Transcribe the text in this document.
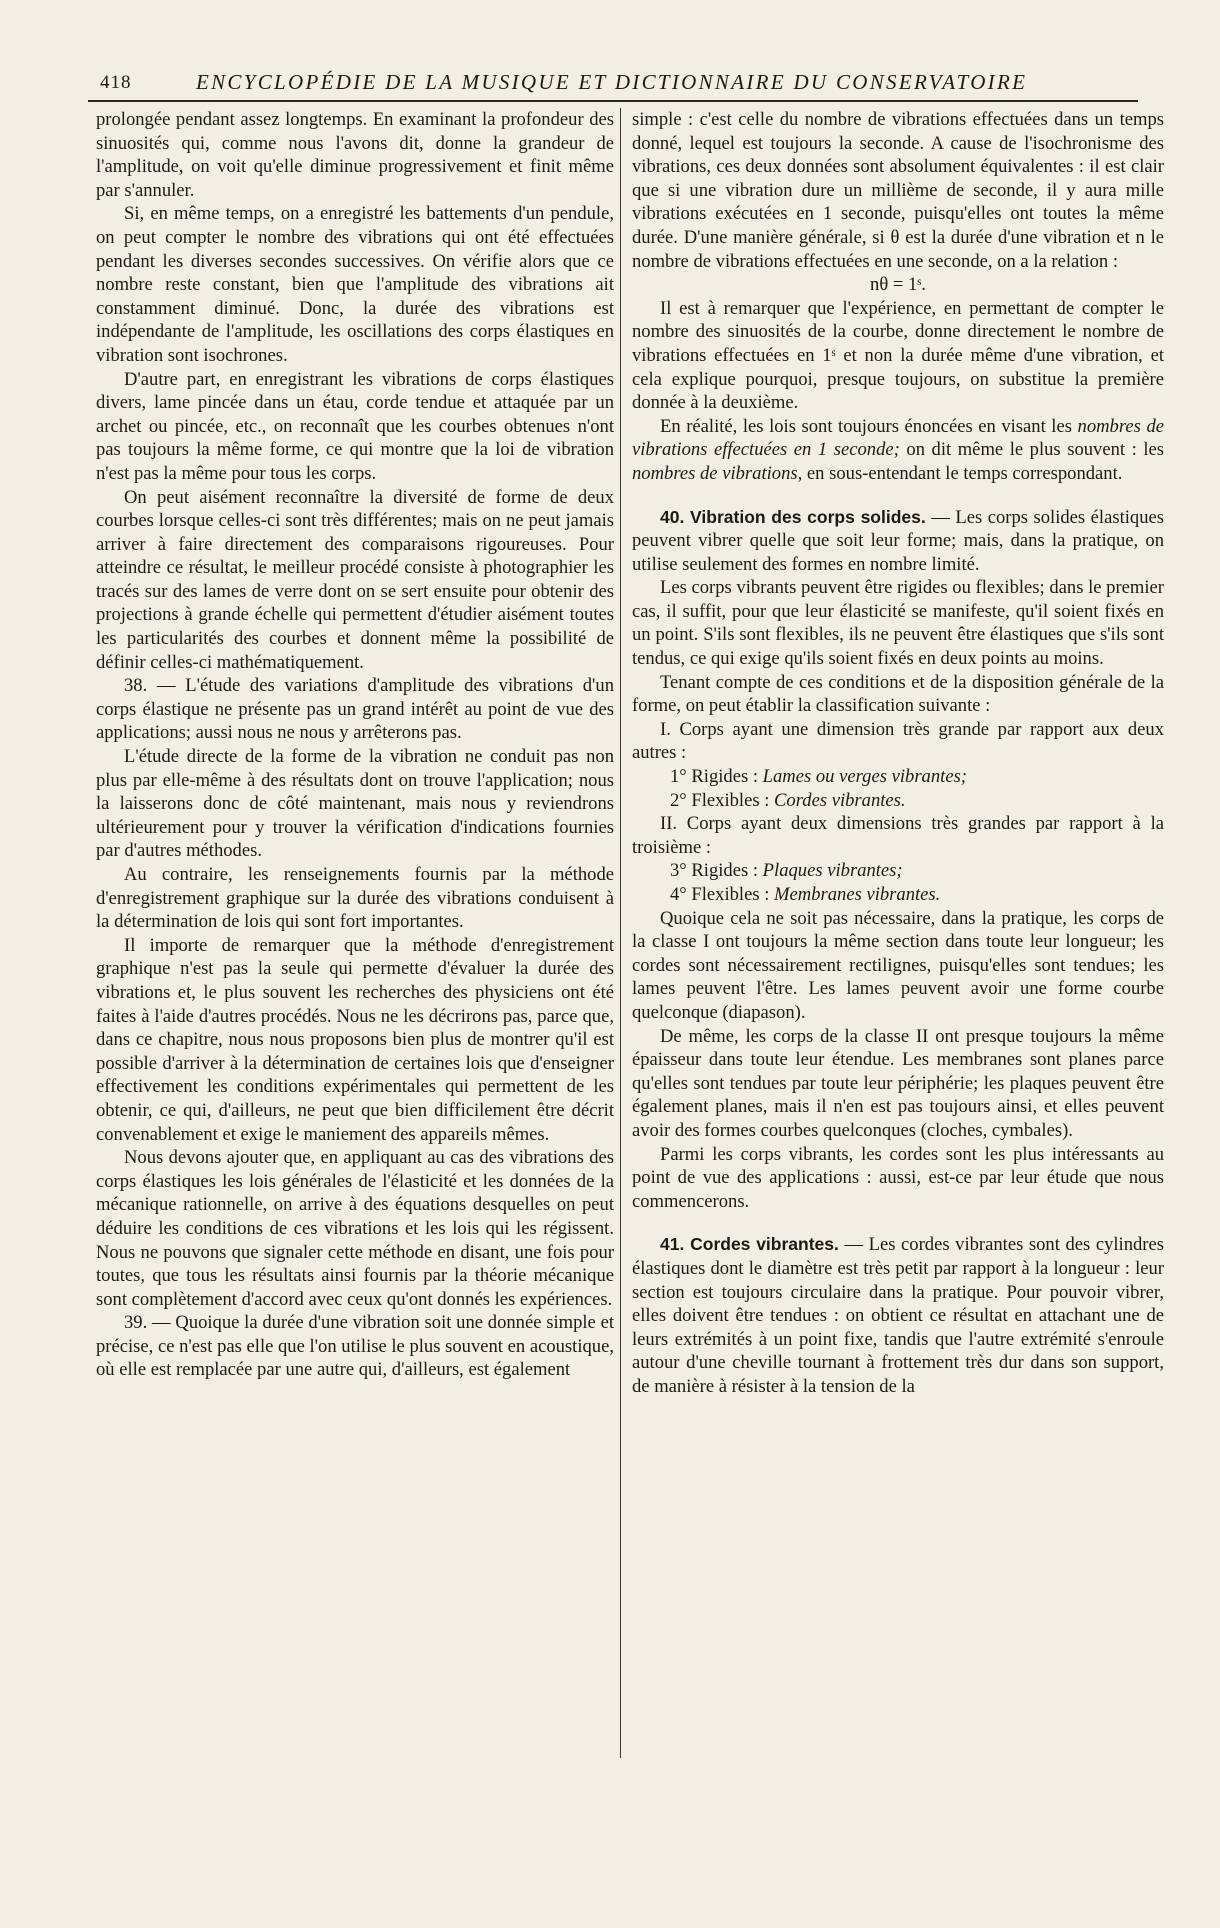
418	ENCYCLOPÉDIE DE LA MUSIQUE ET DICTIONNAIRE DU CONSERVATOIRE

prolongée pendant assez longtemps. En examinant la profondeur des sinuosités qui, comme nous l'avons dit, donne la grandeur de l'amplitude, on voit qu'elle diminue progressivement et finit même par s'annuler.

Si, en même temps, on a enregistré les battements d'un pendule, on peut compter le nombre des vibrations qui ont été effectuées pendant les diverses secondes successives. On vérifie alors que ce nombre reste constant, bien que l'amplitude des vibrations ait constamment diminué. Donc, la durée des vibrations est indépendante de l'amplitude, les oscillations des corps élastiques en vibration sont isochrones.

D'autre part, en enregistrant les vibrations de corps élastiques divers, lame pincée dans un étau, corde tendue et attaquée par un archet ou pincée, etc., on reconnaît que les courbes obtenues n'ont pas toujours la même forme, ce qui montre que la loi de vibration n'est pas la même pour tous les corps.

On peut aisément reconnaître la diversité de forme de deux courbes lorsque celles-ci sont très différentes; mais on ne peut jamais arriver à faire directement des comparaisons rigoureuses. Pour atteindre ce résultat, le meilleur procédé consiste à photographier les tracés sur des lames de verre dont on se sert ensuite pour obtenir des projections à grande échelle qui permettent d'étudier aisément toutes les particularités des courbes et donnent même la possibilité de définir celles-ci mathématiquement.

38. — L'étude des variations d'amplitude des vibrations d'un corps élastique ne présente pas un grand intérêt au point de vue des applications; aussi nous ne nous y arrêterons pas.

L'étude directe de la forme de la vibration ne conduit pas non plus par elle-même à des résultats dont on trouve l'application; nous la laisserons donc de côté maintenant, mais nous y reviendrons ultérieurement pour y trouver la vérification d'indications fournies par d'autres méthodes.

Au contraire, les renseignements fournis par la méthode d'enregistrement graphique sur la durée des vibrations conduisent à la détermination de lois qui sont fort importantes.

Il importe de remarquer que la méthode d'enregistrement graphique n'est pas la seule qui permette d'évaluer la durée des vibrations et, le plus souvent les recherches des physiciens ont été faites à l'aide d'autres procédés. Nous ne les décrirons pas, parce que, dans ce chapitre, nous nous proposons bien plus de montrer qu'il est possible d'arriver à la détermination de certaines lois que d'enseigner effectivement les conditions expérimentales qui permettent de les obtenir, ce qui, d'ailleurs, ne peut que bien difficilement être décrit convenablement et exige le maniement des appareils mêmes.

Nous devons ajouter que, en appliquant au cas des vibrations des corps élastiques les lois générales de l'élasticité et les données de la mécanique rationnelle, on arrive à des équations desquelles on peut déduire les conditions de ces vibrations et les lois qui les régissent. Nous ne pouvons que signaler cette méthode en disant, une fois pour toutes, que tous les résultats ainsi fournis par la théorie mécanique sont complètement d'accord avec ceux qu'ont donnés les expériences.

39. — Quoique la durée d'une vibration soit une donnée simple et précise, ce n'est pas elle que l'on utilise le plus souvent en acoustique, où elle est remplacée par une autre qui, d'ailleurs, est également

simple : c'est celle du nombre de vibrations effectuées dans un temps donné, lequel est toujours la seconde. A cause de l'isochronisme des vibrations, ces deux données sont absolument équivalentes : il est clair que si une vibration dure un millième de seconde, il y aura mille vibrations exécutées en 1 seconde, puisqu'elles ont toutes la même durée. D'une manière générale, si θ est la durée d'une vibration et n le nombre de vibrations effectuées en une seconde, on a la relation :

nθ = 1ˢ.

Il est à remarquer que l'expérience, en permettant de compter le nombre des sinuosités de la courbe, donne directement le nombre de vibrations effectuées en 1ˢ et non la durée même d'une vibration, et cela explique pourquoi, presque toujours, on substitue la première donnée à la deuxième.

En réalité, les lois sont toujours énoncées en visant les nombres de vibrations effectuées en 1 seconde; on dit même le plus souvent : les nombres de vibrations, en sous-entendant le temps correspondant.

40. Vibration des corps solides. — Les corps solides élastiques peuvent vibrer quelle que soit leur forme; mais, dans la pratique, on utilise seulement des formes en nombre limité.

Les corps vibrants peuvent être rigides ou flexibles; dans le premier cas, il suffit, pour que leur élasticité se manifeste, qu'il soient fixés en un point. S'ils sont flexibles, ils ne peuvent être élastiques que s'ils sont tendus, ce qui exige qu'ils soient fixés en deux points au moins.

Tenant compte de ces conditions et de la disposition générale de la forme, on peut établir la classification suivante :

I. Corps ayant une dimension très grande par rapport aux deux autres :

1° Rigides : Lames ou verges vibrantes;

2° Flexibles : Cordes vibrantes.

II. Corps ayant deux dimensions très grandes par rapport à la troisième :

3° Rigides : Plaques vibrantes;

4° Flexibles : Membranes vibrantes.

Quoique cela ne soit pas nécessaire, dans la pratique, les corps de la classe I ont toujours la même section dans toute leur longueur; les cordes sont nécessairement rectilignes, puisqu'elles sont tendues; les lames peuvent l'être. Les lames peuvent avoir une forme courbe quelconque (diapason).

De même, les corps de la classe II ont presque toujours la même épaisseur dans toute leur étendue. Les membranes sont planes parce qu'elles sont tendues par toute leur périphérie; les plaques peuvent être également planes, mais il n'en est pas toujours ainsi, et elles peuvent avoir des formes courbes quelconques (cloches, cymbales).

Parmi les corps vibrants, les cordes sont les plus intéressants au point de vue des applications : aussi, est-ce par leur étude que nous commencerons.

41. Cordes vibrantes. — Les cordes vibrantes sont des cylindres élastiques dont le diamètre est très petit par rapport à la longueur : leur section est toujours circulaire dans la pratique. Pour pouvoir vibrer, elles doivent être tendues : on obtient ce résultat en attachant une de leurs extrémités à un point fixe, tandis que l'autre extrémité s'enroule autour d'une cheville tournant à frottement très dur dans son support, de manière à résister à la tension de la
